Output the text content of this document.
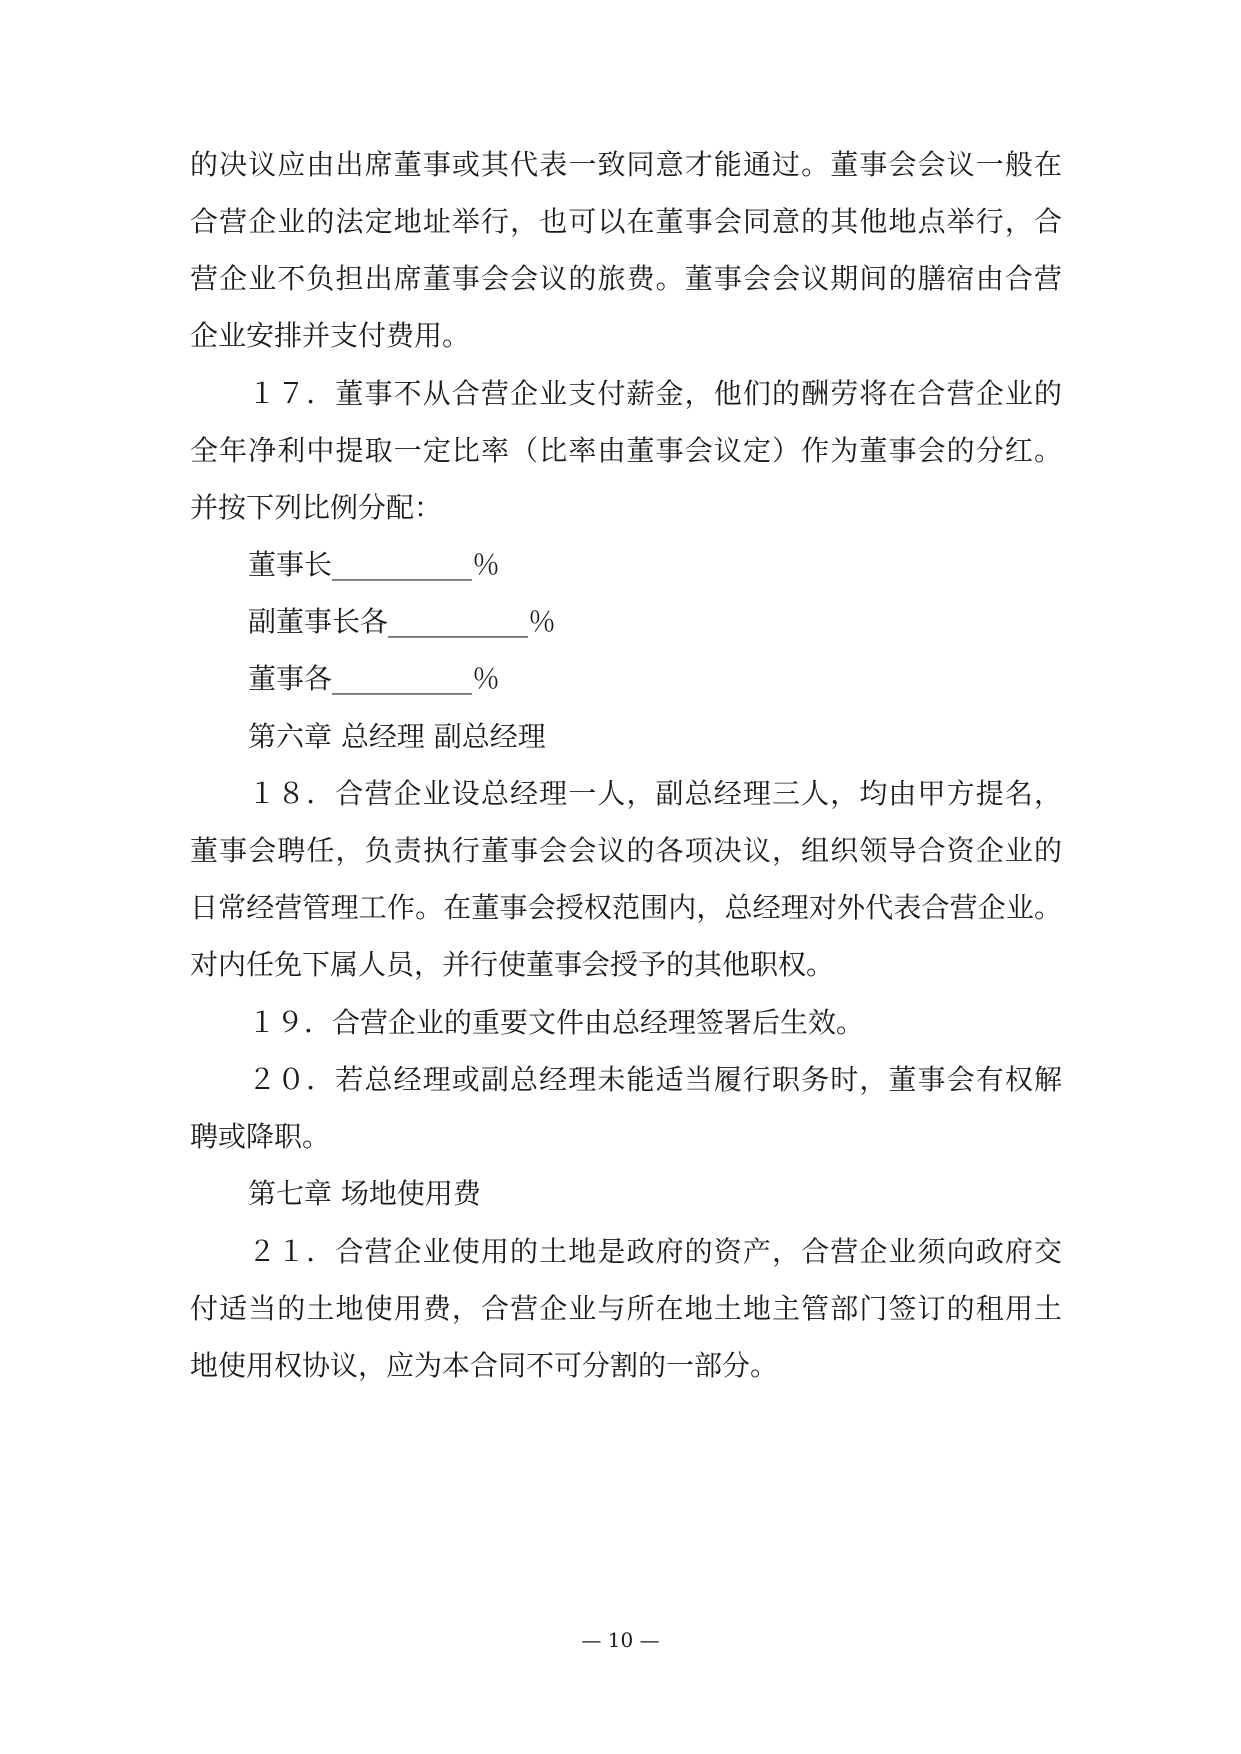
的决议应由出席董事或其代表一致同意才能通过。董事会会议一般在
合营企业的法定地址举行，也可以在董事会同意的其他地点举行，合
营企业不负担出席董事会会议的旅费。董事会会议期间的膳宿由合营
企业安排并支付费用。
１７．董事不从合营企业支付薪金，他们的酬劳将在合营企业的
全年净利中提取一定比率（比率由董事会议定）作为董事会的分红。
并按下列比例分配：
董事长__________％
副董事长各__________％
董事各__________％
第六章 总经理 副总经理
１８．合营企业设总经理一人，副总经理三人，均由甲方提名，
董事会聘任，负责执行董事会会议的各项决议，组织领导合资企业的
日常经营管理工作。在董事会授权范围内，总经理对外代表合营企业。
对内任免下属人员，并行使董事会授予的其他职权。
１９．合营企业的重要文件由总经理签署后生效。
２０．若总经理或副总经理未能适当履行职务时，董事会有权解
聘或降职。
第七章 场地使用费
２１．合营企业使用的土地是政府的资产，合营企业须向政府交
付适当的土地使用费，合营企业与所在地土地主管部门签订的租用土
地使用权协议，应为本合同不可分割的一部分。
— 10 —
